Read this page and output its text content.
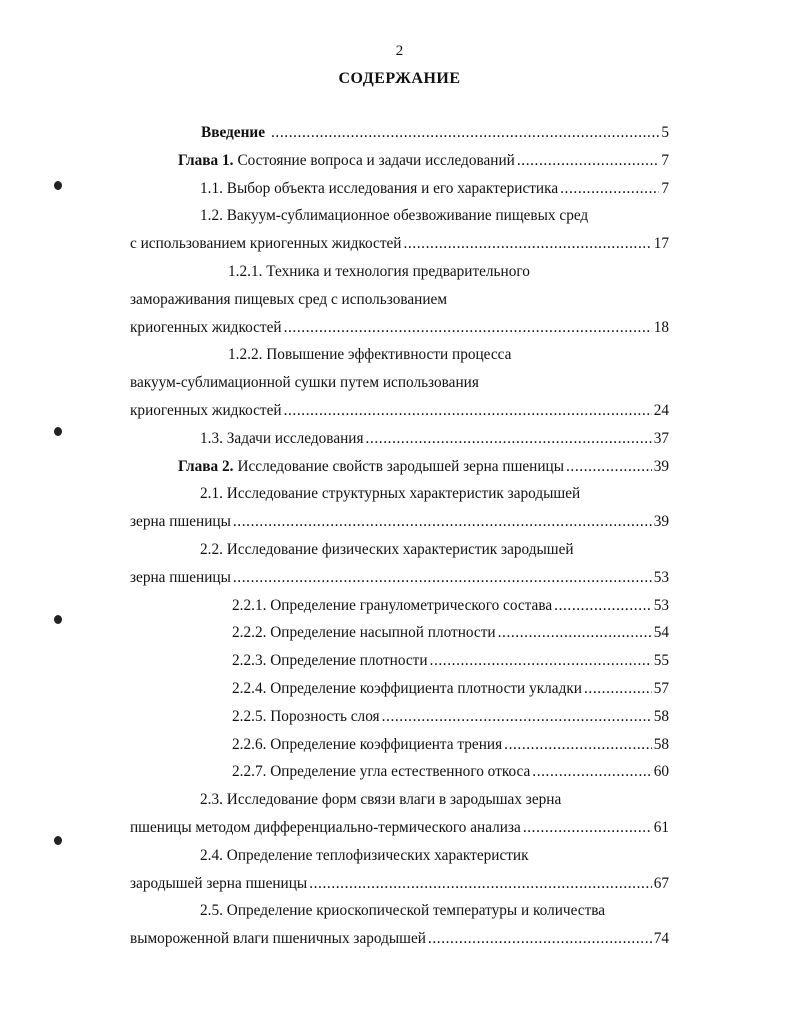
2
СОДЕРЖАНИЕ
Введение .....	5
Глава 1. Состояние вопроса и задачи исследований .....	7
1.1. Выбор объекта исследования и его характеристика .....	7
1.2. Вакуум-сублимационное обезвоживание пищевых сред
с использованием криогенных жидкостей .....	17
1.2.1. Техника и технология предварительного
замораживания пищевых сред с использованием
криогенных жидкостей .....	18
1.2.2. Повышение эффективности процесса
вакуум-сублимационной сушки путем использования
криогенных жидкостей .....	24
1.3. Задачи исследования .....	37
Глава 2. Исследование свойств зародышей зерна пшеницы .....	39
2.1. Исследование структурных характеристик зародышей
зерна пшеницы .....	39
2.2. Исследование физических характеристик зародышей
зерна пшеницы .....	53
2.2.1. Определение гранулометрического состава .....	53
2.2.2. Определение насыпной плотности .....	54
2.2.3. Определение плотности .....	55
2.2.4. Определение коэффициента плотности укладки .....	57
2.2.5. Порозность слоя .....	58
2.2.6. Определение коэффициента трения .....	58
2.2.7. Определение угла естественного откоса .....	60
2.3. Исследование форм связи влаги в зародышах зерна
пшеницы методом дифференциально-термического анализа .....	61
2.4. Определение теплофизических характеристик
зародышей зерна пшеницы .....	67
2.5. Определение криоскопической температуры и количества
вымороженной влаги пшеничных зародышей .....	74
